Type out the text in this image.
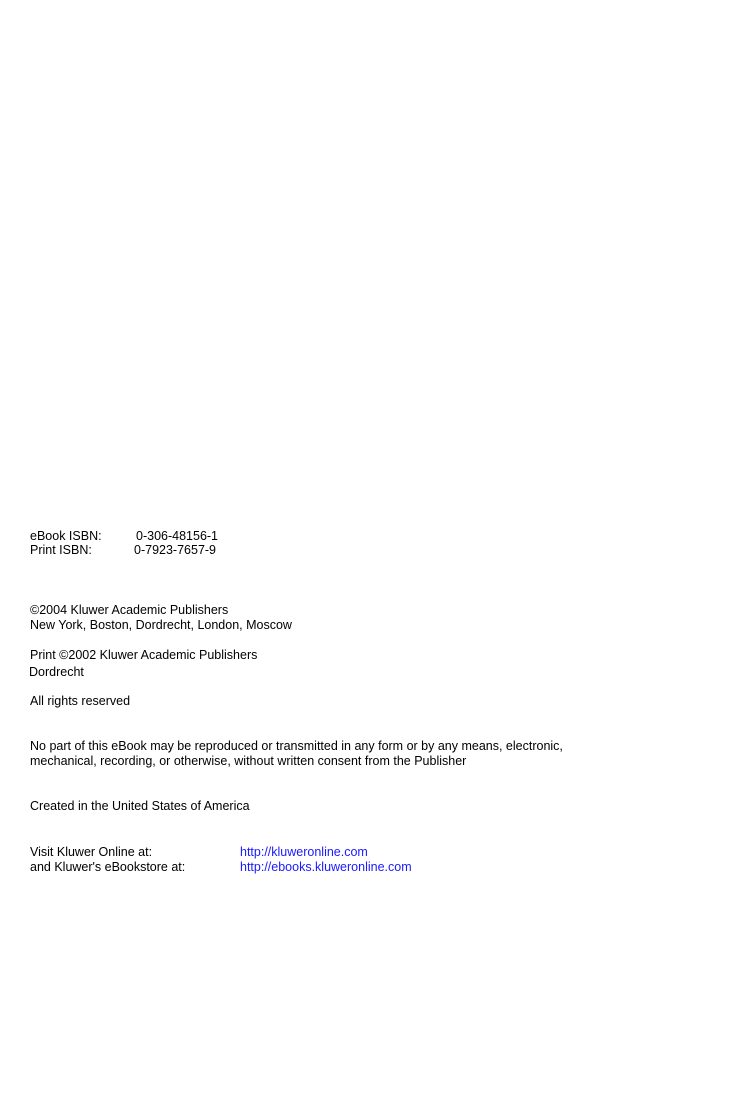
eBook ISBN:	0-306-48156-1
Print ISBN:	0-7923-7657-9
©2004 Kluwer Academic Publishers
New York, Boston, Dordrecht, London, Moscow
Print ©2002 Kluwer Academic Publishers
Dordrecht
All rights reserved
No part of this eBook may be reproduced or transmitted in any form or by any means, electronic,
mechanical, recording, or otherwise, without written consent from the Publisher
Created in the United States of America
Visit Kluwer Online at:	http://kluweronline.com
and Kluwer's eBookstore at:	http://ebooks.kluweronline.com
